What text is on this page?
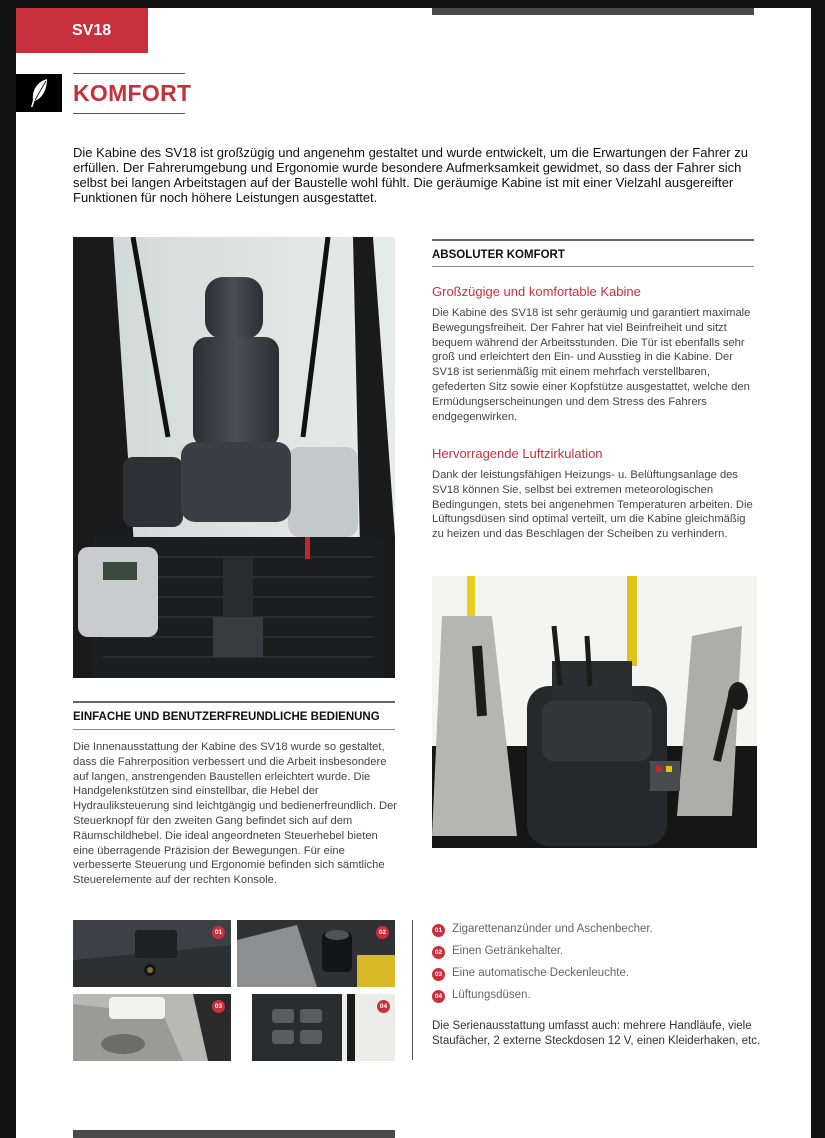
SV18
KOMFORT

Die Kabine des SV18 ist großzügig und angenehm gestaltet und wurde entwickelt, um die Erwartungen der Fahrer zu erfüllen. Der Fahrerumgebung und Ergonomie wurde besondere Aufmerksamkeit gewidmet, so dass der Fahrer sich selbst bei langen Arbeitstagen auf der Baustelle wohl fühlt. Die geräumige Kabine ist mit einer Vielzahl ausgereifter Funktionen für noch höhere Leistungen ausgestattet.

ABSOLUTER KOMFORT
Großzügige und komfortable Kabine

Die Kabine des SV18 ist sehr geräumig und garantiert maximale Bewegungsfreiheit. Der Fahrer hat viel Beinfreiheit und sitzt bequem während der Arbeitsstunden. Die Tür ist ebenfalls sehr groß und erleichtert den Ein- und Ausstieg in die Kabine. Der SV18 ist serienmäßig mit einem mehrfach verstellbaren, gefederten Sitz sowie einer Kopfstütze ausgestattet, welche den Ermüdungserscheinungen und dem Stress des Fahrers endgegenwirken.

Hervorragende Luftzirkulation

Dank der leistungsfähigen Heizungs- u. Belüftungsanlage des SV18 können Sie, selbst bei extremen meteorologischen Bedingungen, stets bei angenehmen Temperaturen arbeiten. Die Lüftungsdüsen sind optimal verteilt, um die Kabine gleichmäßig zu heizen und das Beschlagen der Scheiben zu verhindern.

EINFACHE UND BENUTZERFREUNDLICHE BEDIENUNG

Die Innenausstattung der Kabine des SV18 wurde so gestaltet, dass die Fahrerposition verbessert und die Arbeit insbesondere auf langen, anstrengenden Baustellen erleichtert wurde. Die Handgelenkstützen sind einstellbar, die Hebel der Hydrauliksteuerung sind leichtgängig und bedienerfreundlich. Der Steuerknopf für den zweiten Gang befindet sich auf dem Räumschildhebel. Die ideal angeordneten Steuerhebel bieten eine überragende Präzision der Bewegungen. Für eine verbesserte Steuerung und Ergonomie befinden sich sämtliche Steuerelemente auf der rechten Konsole.

01	02
03	04
01 Zigarettenanzünder und Aschenbecher.
02 Einen Getränkehalter.
03 Eine automatische Deckenleuchte.
04 Lüftungsdüsen.

Die Serienausstattung umfasst auch: mehrere Handläufe, viele Staufächer, 2 externe Steckdosen 12 V, einen Kleiderhaken, etc.
